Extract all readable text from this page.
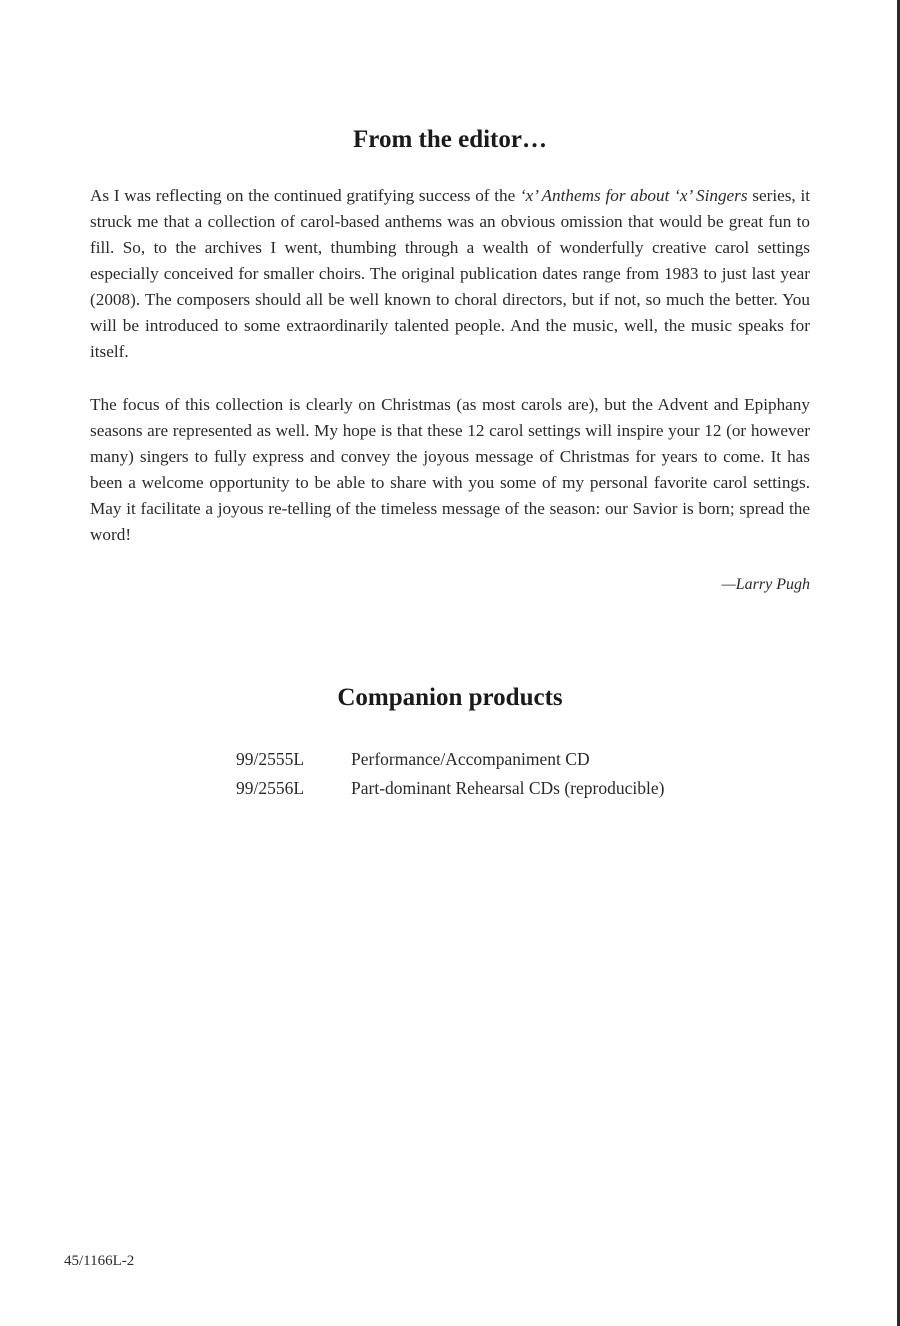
From the editor…

As I was reflecting on the continued gratifying success of the ‘x’ Anthems for about ‘x’ Singers series, it struck me that a collection of carol-based anthems was an obvious omission that would be great fun to fill. So, to the archives I went, thumbing through a wealth of wonderfully creative carol settings especially conceived for smaller choirs. The original publication dates range from 1983 to just last year (2008). The composers should all be well known to choral directors, but if not, so much the better. You will be introduced to some extraordinarily talented people. And the music, well, the music speaks for itself.

The focus of this collection is clearly on Christmas (as most carols are), but the Advent and Epiphany seasons are represented as well. My hope is that these 12 carol settings will inspire your 12 (or however many) singers to fully express and convey the joyous message of Christmas for years to come. It has been a welcome opportunity to be able to share with you some of my personal favorite carol settings. May it facilitate a joyous re-telling of the timeless message of the season: our Savior is born; spread the word!

—Larry Pugh
Companion products
99/2555L	Performance/Accompaniment CD
99/2556L	Part-dominant Rehearsal CDs (reproducible)
45/1166L-2
